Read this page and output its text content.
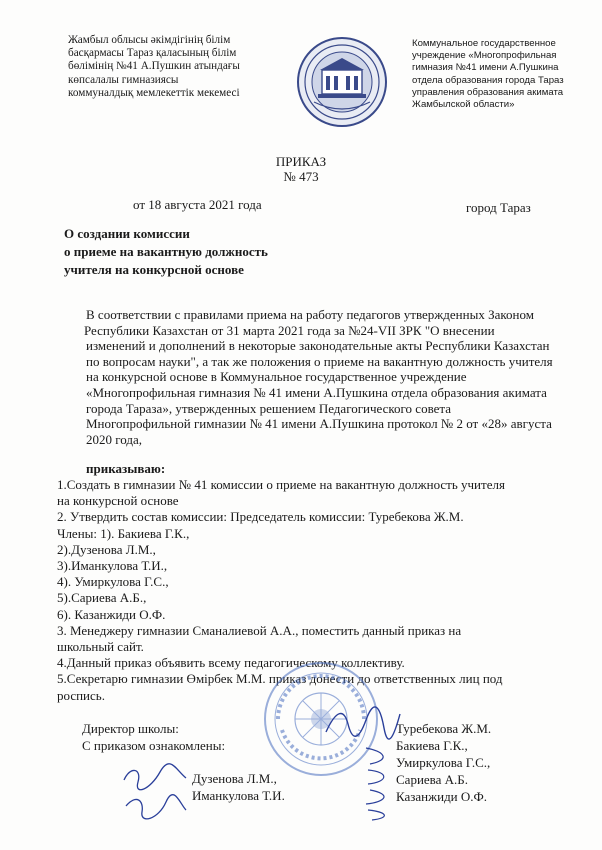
Жамбыл облысы әкімдігінің білім
басқармасы Тараз қаласының білім
бөлімінің №41 А.Пушкин атындағы
көпсалалы гимназиясы
коммуналдық мемлекеттік мекемесі
Коммунальное государственное
учреждение «Многопрофильная
гимназия №41 имени А.Пушкина
отдела образования города Тараз
управления образования акимата
Жамбылской области»
ПРИКАЗ
№ 473
от 18 августа 2021 года	город Тараз
О создании комиссии
о приеме на вакантную должность
учителя на конкурсной основе
В соответствии с правилами приема на работу педагогов утвержденных Законом
Республики Казахстан от 31 марта 2021 года за №24-VII ЗРК "О внесении
изменений и дополнений в некоторые законодательные акты Республики Казахстан
по вопросам науки", а так же положения о приеме на вакантную должность учителя
на конкурсной основе в Коммунальное государственное учреждение
«Многопрофильная гимназия № 41 имени А.Пушкина отдела образования акимата
города Тараза», утвержденных решением Педагогического совета
Многопрофильной гимназии № 41 имени А.Пушкина протокол № 2 от «28» августа
2020 года,
приказываю:
1.Создать в гимназии № 41 комиссии о приеме на вакантную должность учителя
на конкурсной основе
2. Утвердить состав комиссии: Председатель комиссии: Туребекова Ж.М.
Члены: 1). Бакиева Г.К.,
2).Дузенова Л.М.,
3).Иманкулова Т.И.,
4). Умиркулова Г.С.,
5).Сариева А.Б.,
6). Казанжиди О.Ф.
3. Менеджеру гимназии Сманалиевой А.А., поместить данный приказ на
школьный сайт.
4.Данный приказ объявить всему педагогическому коллективу.
5.Секретарю гимназии Өмірбек М.М. приказ донести до ответственных лиц под
роспись.
Директор школы:
С приказом ознакомлены:
Туребекова Ж.М.
Бакиева Г.К.,
Умиркулова Г.С.,
Сариева А.Б.
Казанжиди О.Ф.
Дузенова Л.М.,
Иманкулова Т.И.
